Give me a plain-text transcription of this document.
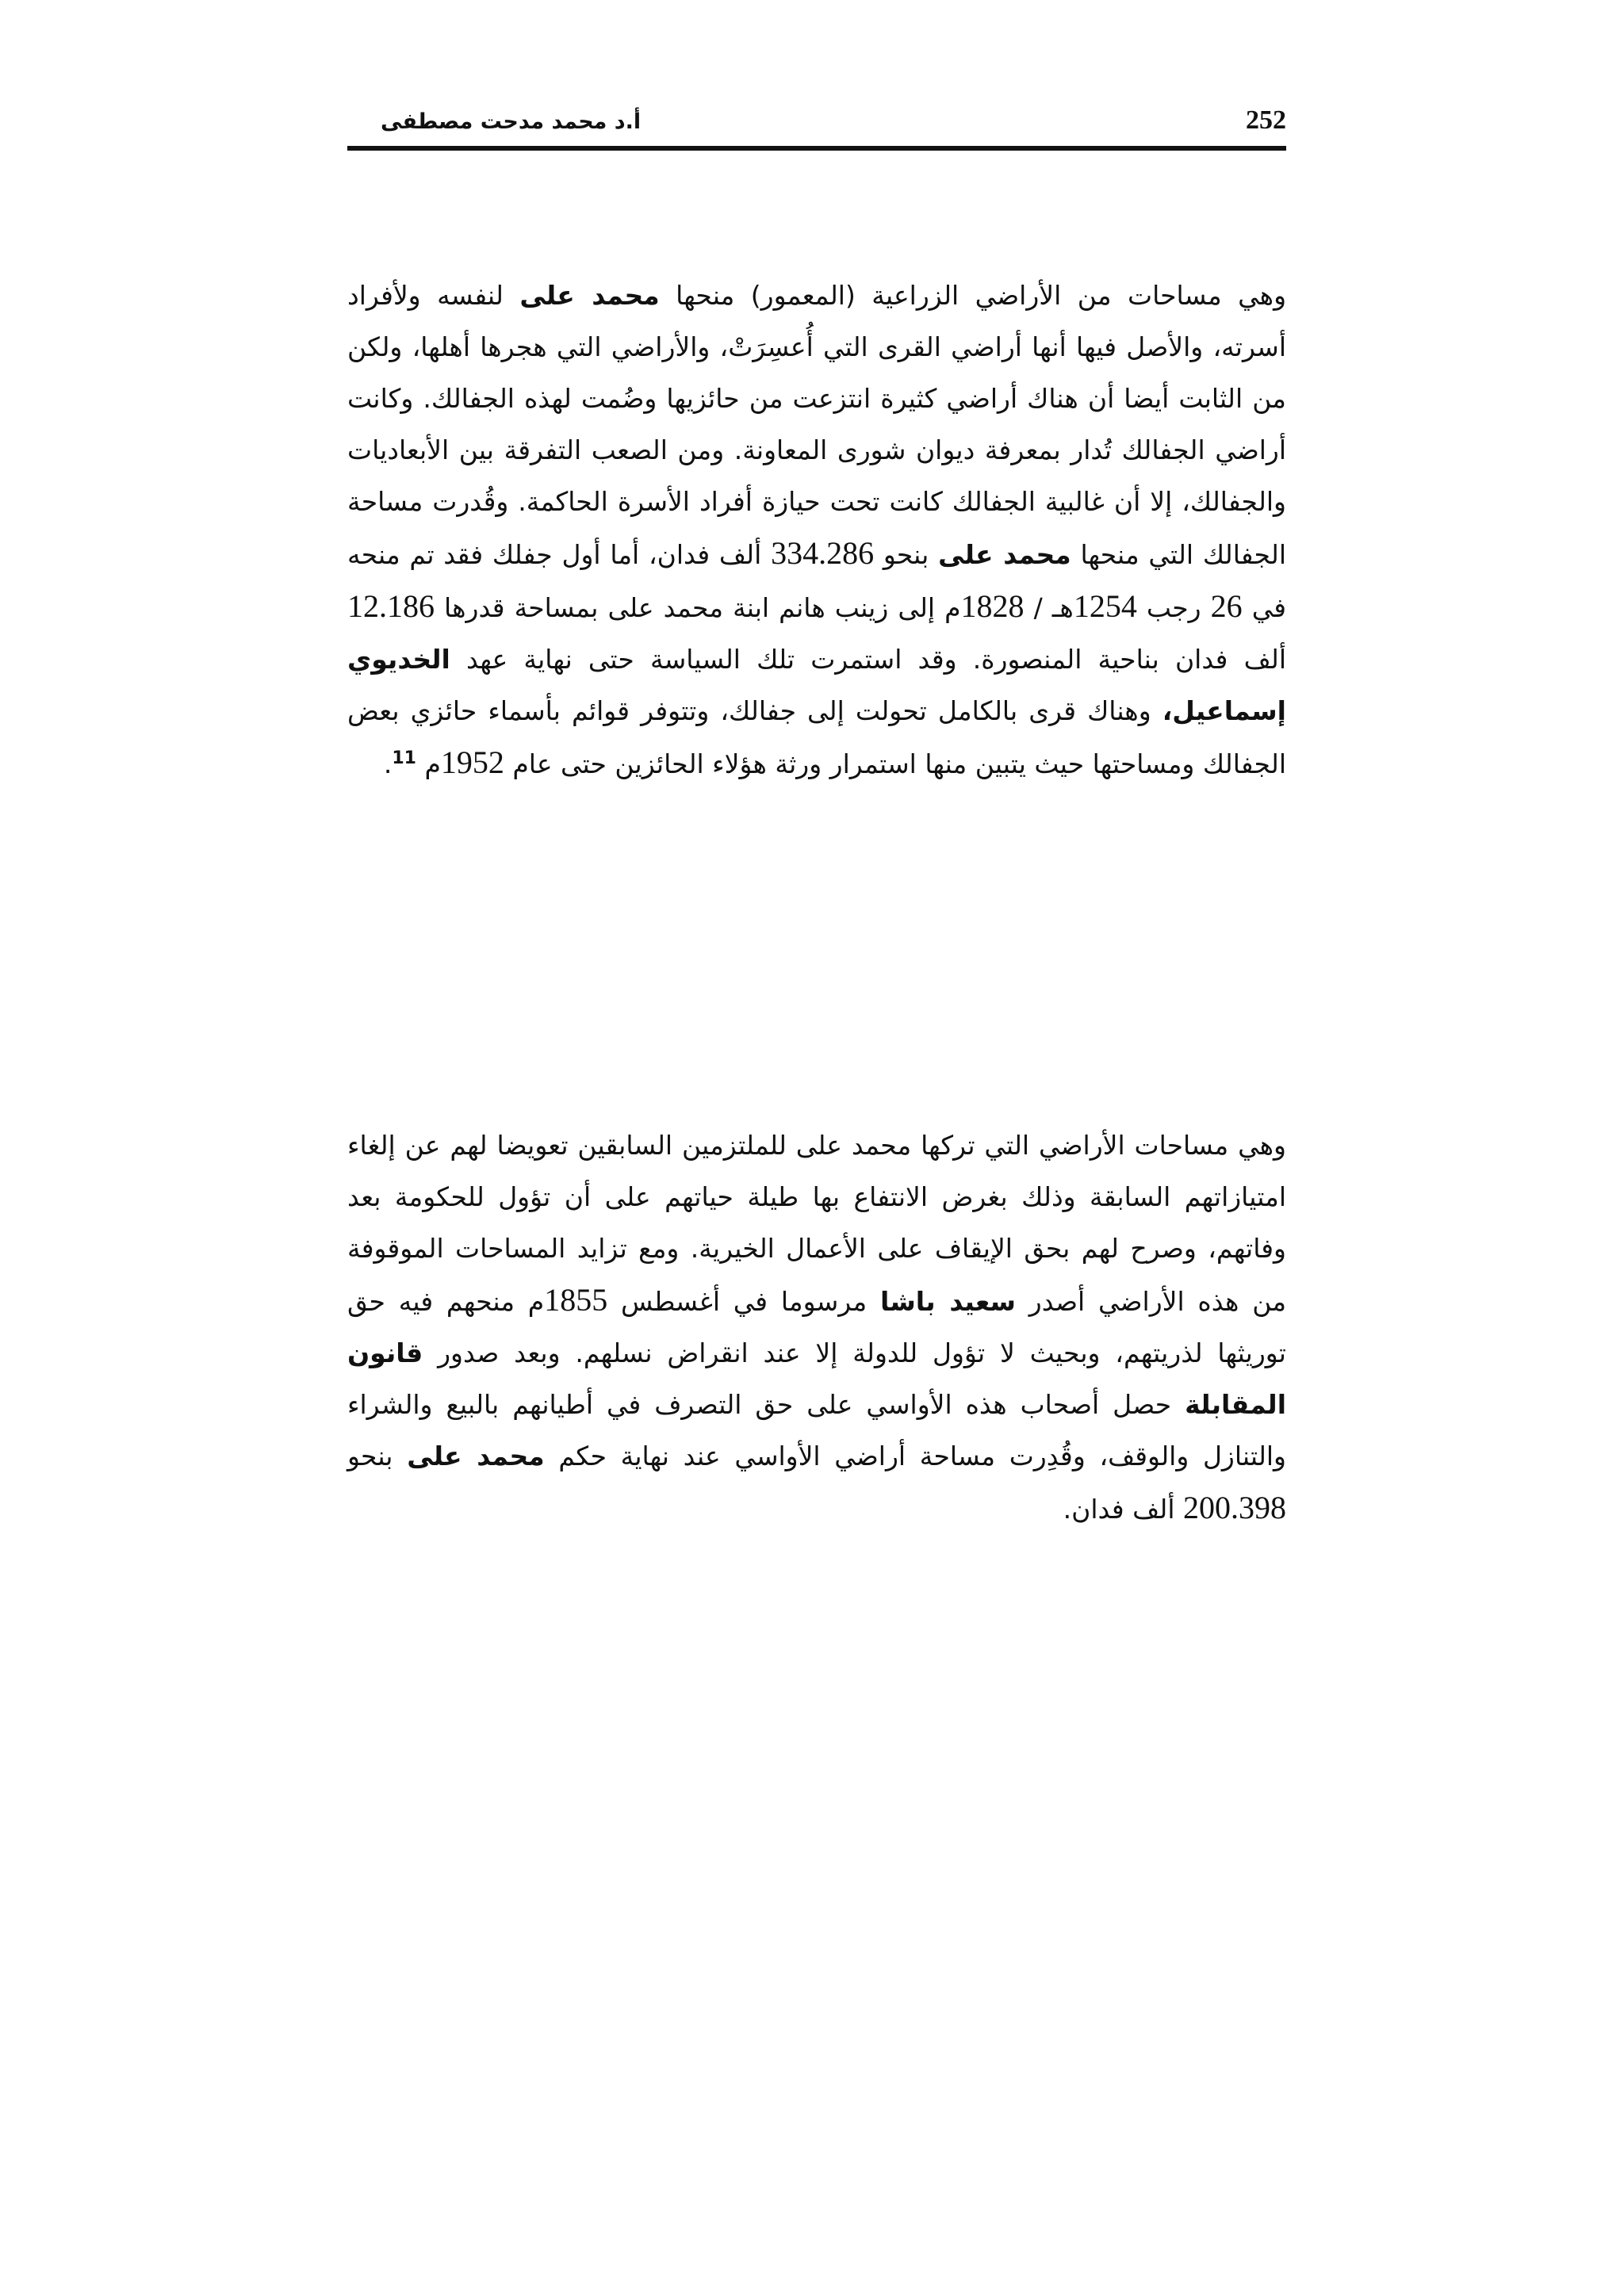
252
أ.د محمد مدحت مصطفى

وهي مساحات من الأراضي الزراعية (المعمور) منحها محمد على لنفسه ولأفراد أسرته، والأصل فيها أنها أراضي القرى التي أُعسِرَتْ، والأراضي التي هجرها أهلها، ولكن من الثابت أيضا أن هناك أراضي كثيرة انتزعت من حائزيها وضُمت لهذه الجفالك. وكانت أراضي الجفالك تُدار بمعرفة ديوان شورى المعاونة. ومن الصعب التفرقة بين الأبعاديات والجفالك، إلا أن غالبية الجفالك كانت تحت حيازة أفراد الأسرة الحاكمة. وقُدرت مساحة الجفالك التي منحها محمد على بنحو 334.286 ألف فدان، أما أول جفلك فقد تم منحه في 26 رجب 1254هـ / 1828م إلى زينب هانم ابنة محمد على بمساحة قدرها 12.186 ألف فدان بناحية المنصورة. وقد استمرت تلك السياسة حتى نهاية عهد الخديوي إسماعيل، وهناك قرى بالكامل تحولت إلى جفالك، وتتوفر قوائم بأسماء حائزي بعض الجفالك ومساحتها حيث يتبين منها استمرار ورثة هؤلاء الحائزين حتى عام 1952م $^{11}$.

وهي مساحات الأراضي التي تركها محمد على للملتزمين السابقين تعويضا لهم عن إلغاء امتيازاتهم السابقة وذلك بغرض الانتفاع بها طيلة حياتهم على أن تؤول للحكومة بعد وفاتهم، وصرح لهم بحق الإيقاف على الأعمال الخيرية. ومع تزايد المساحات الموقوفة من هذه الأراضي أصدر سعيد باشا مرسوما في أغسطس 1855م منحهم فيه حق توريثها لذريتهم، وبحيث لا تؤول للدولة إلا عند انقراض نسلهم. وبعد صدور قانون المقابلة حصل أصحاب هذه الأواسي على حق التصرف في أطيانهم بالبيع والشراء والتنازل والوقف، وقُدِرت مساحة أراضي الأواسي عند نهاية حكم محمد على بنحو 200.398 ألف فدان.
